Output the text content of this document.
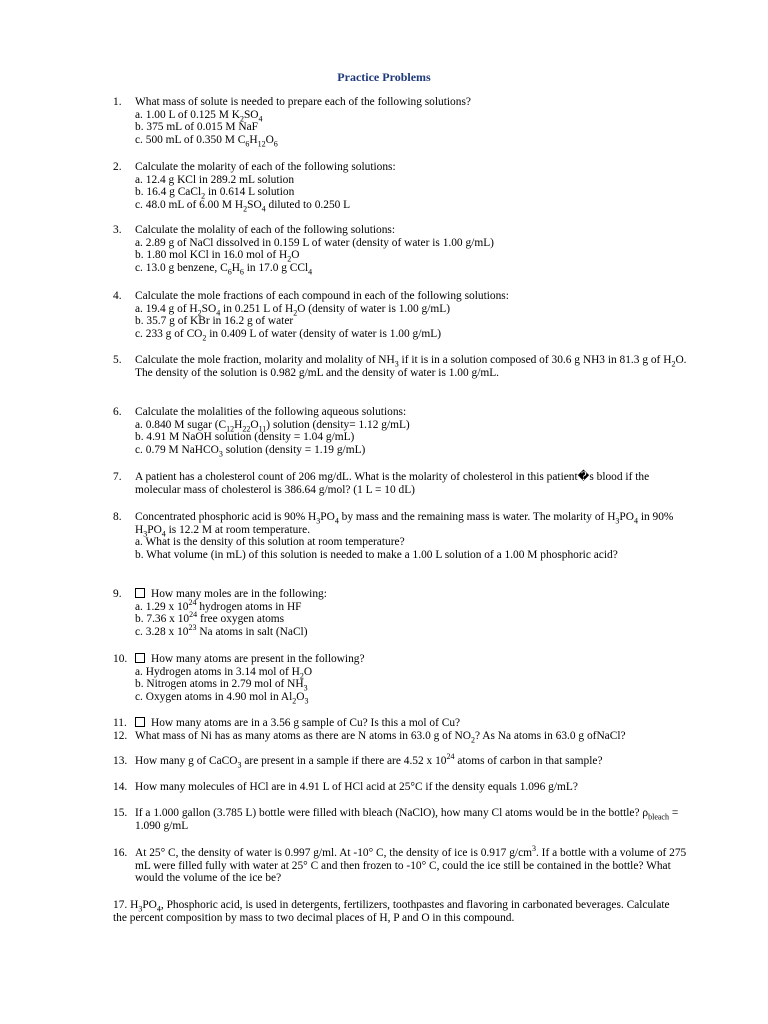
Practice Problems
1. What mass of solute is needed to prepare each of the following solutions?
a. 1.00 L of 0.125 M $K_2SO_4$
b. 375 mL of 0.015 M NaF
c. 500 mL of 0.350 M $C_6H_{12}O_6$
2. Calculate the molarity of each of the following solutions:
a. 12.4 g KCl in 289.2 mL solution
b. 16.4 g CaCl$_2$ in 0.614 L solution
c. 48.0 mL of 6.00 M $H_2SO_4$ diluted to 0.250 L
3. Calculate the molality of each of the following solutions:
a. 2.89 g of NaCl dissolved in 0.159 L of water (density of water is 1.00 g/mL)
b. 1.80 mol KCl in 16.0 mol of $H_2O$
c. 13.0 g benzene, $C_6H_6$ in 17.0 g CCl$_4$
4. Calculate the mole fractions of each compound in each of the following solutions:
a. 19.4 g of $H_2SO_4$ in 0.251 L of $H_2O$ (density of water is 1.00 g/mL)
b. 35.7 g of KBr in 16.2 g of water
c. 233 g of $CO_2$ in 0.409 L of water (density of water is 1.00 g/mL)
5. Calculate the mole fraction, molarity and molality of $NH_3$ if it is in a solution composed of 30.6 g NH3 in 81.3 g of $H_2O$. The density of the solution is 0.982 g/mL and the density of water is 1.00 g/mL.
6. Calculate the molalities of the following aqueous solutions:
a. 0.840 M sugar $(C_{12}H_{22}O_{11})$ solution (density= 1.12 g/mL)
b. 4.91 M NaOH solution (density = 1.04 g/mL)
c. 0.79 M NaHCO$_3$ solution (density = 1.19 g/mL)
7. A patient has a cholesterol count of 206 mg/dL. What is the molarity of cholesterol in this patient�s blood if the molecular mass of cholesterol is 386.64 g/mol? (1 L = 10 dL)
8. Concentrated phosphoric acid is 90% $H_3PO_4$ by mass and the remaining mass is water. The molarity of $H_3PO_4$ in 90% $H_3PO_4$ is 12.2 M at room temperature.
a. What is the density of this solution at room temperature?
b. What volume (in mL) of this solution is needed to make a 1.00 L solution of a 1.00 M phosphoric acid?
9.	How many moles are in the following:
a. 1.29 x $10^{24}$ hydrogen atoms in HF
b. 7.36 x $10^{24}$ free oxygen atoms
c. 3.28 x $10^{23}$ Na atoms in salt (NaCl)
10.	How many atoms are present in the following?
a. Hydrogen atoms in 3.14 mol of $H_2O$
b. Nitrogen atoms in 2.79 mol of $NH_3$
c. Oxygen atoms in 4.90 mol in $Al_2O_3$
11.	How many atoms are in a 3.56 g sample of Cu? Is this a mol of Cu?
12. What mass of Ni has as many atoms as there are N atoms in 63.0 g of $NO_2$? As Na atoms in 63.0 g ofNaCl?
13. How many g of CaCO$_3$ are present in a sample if there are 4.52 x $10^{24}$ atoms of carbon in that sample?
14. How many molecules of HCl are in 4.91 L of HCl acid at 25°C if the density equals 1.096 g/mL?
15. If a 1.000 gallon (3.785 L) bottle were filled with bleach (NaClO), how many Cl atoms would be in the bottle? $\rho_{bleach} = 1.090$ g/mL
16. At 25° C, the density of water is 0.997 g/ml. At -10° C, the density of ice is 0.917 $g/cm^3$. If a bottle with a volume of 275 mL were filled fully with water at 25° C and then frozen to -10° C, could the ice still be contained in the bottle? What would the volume of the ice be?
17. $H_3PO_4$, Phosphoric acid, is used in detergents, fertilizers, toothpastes and flavoring in carbonated beverages. Calculate the percent composition by mass to two decimal places of H, P and O in this compound.
